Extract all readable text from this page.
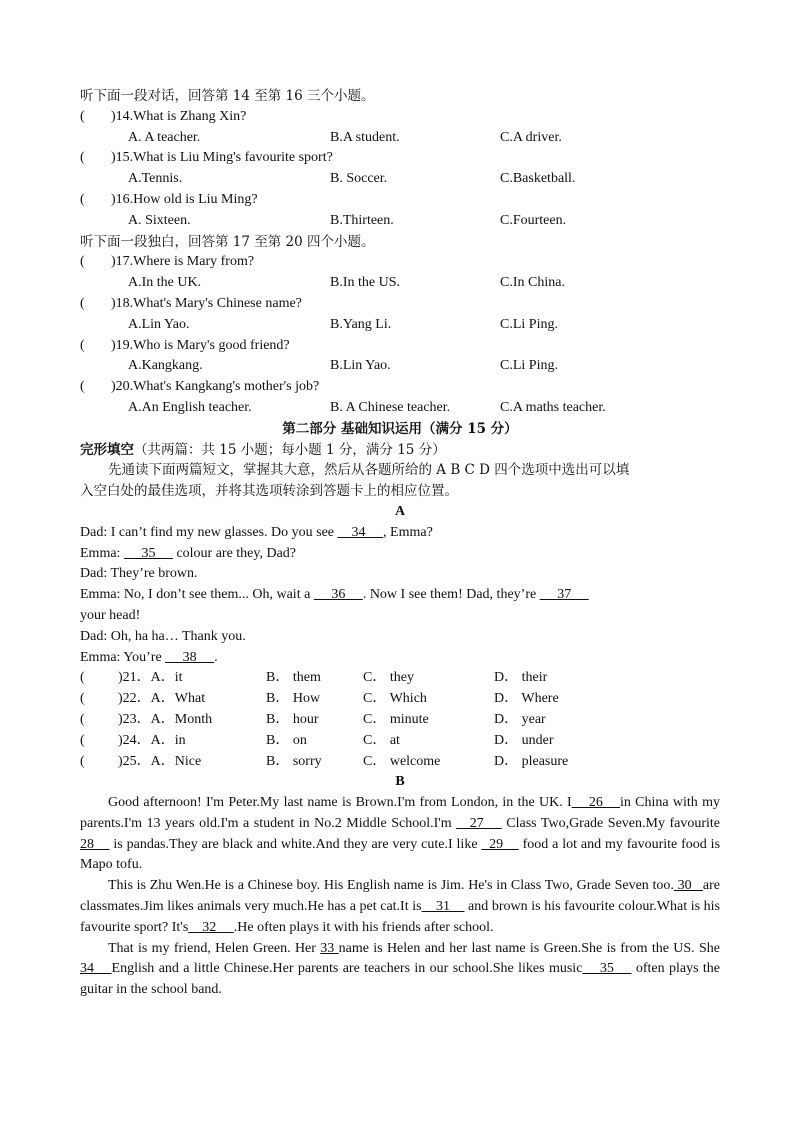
听下面一段对话，回答第 14 至第 16 三个小题。
( )14.What is Zhang Xin?
A. A teacher.	B.A student.	C.A driver.
( )15.What is Liu Ming's favourite sport?
A.Tennis.	B. Soccer.	C.Basketball.
( )16.How old is Liu Ming?
A. Sixteen.	B.Thirteen.	C.Fourteen.
听下面一段独白，回答第 17 至第 20 四个小题。
( )17.Where is Mary from?
A.In the UK.	B.In the US.	C.In China.
( )18.What's Mary's Chinese name?
A.Lin Yao.	B.Yang Li.	C.Li Ping.
( )19.Who is Mary's good friend?
A.Kangkang.	B.Lin Yao.	C.Li Ping.
( )20.What's Kangkang's mother's job?
A.An English teacher.	B. A Chinese teacher.	C.A maths teacher.
第二部分 基础知识运用（满分 15 分）
完形填空（共两篇：共 15 小题；每小题 1 分，满分 15 分）
先通读下面两篇短文，掌握其大意，然后从各题所给的 A B C D 四个选项中选出可以填
入空白处的最佳选项，并将其选项转涂到答题卡上的相应位置。
A
Dad: I can’t find my new glasses. Do you see     34     , Emma?
Emma:      35      colour are they, Dad?
Dad: They’re brown.
Emma: No, I don’t see them... Oh, wait a      36     . Now I see them! Dad, they’re      37
your head!
Dad: Oh, ha ha… Thank you.
Emma: You’re      38     .
( )21．A．it	B． them	C． they	D． their
( )22．A．What	B． How	C． Which	D． Where
( )23．A．Month	B． hour	C． minute	D． year
( )24．A．in	B． on	C． at	D． under
( )25．A．Nice	B． sorry	C． welcome	D． pleasure
B
Good afternoon! I'm Peter.My last name is Brown.I'm from London, in the UK. I    26    in China with my parents.I'm 13 years old.I'm a student in No.2 Middle School.I'm    27     Class Two,Grade Seven.My favourite 28     is pandas.They are black and white.And they are very cute.I like   29     food a lot and my favourite food is Mapo tofu.
This is Zhu Wen.He is a Chinese boy. His English name is Jim. He's in Class Two, Grade Seven too. 30   are classmates.Jim likes animals very much.He has a pet cat.It is    31     and brown is his favourite colour.What is his favourite sport? It's    32     .He often plays it with his friends after school.
That is my friend, Helen Green. Her 33 name is Helen and her last name is Green.She is from the US. She 34    English and a little Chinese.Her parents are teachers in our school.She likes music    35     often plays the guitar in the school band.
